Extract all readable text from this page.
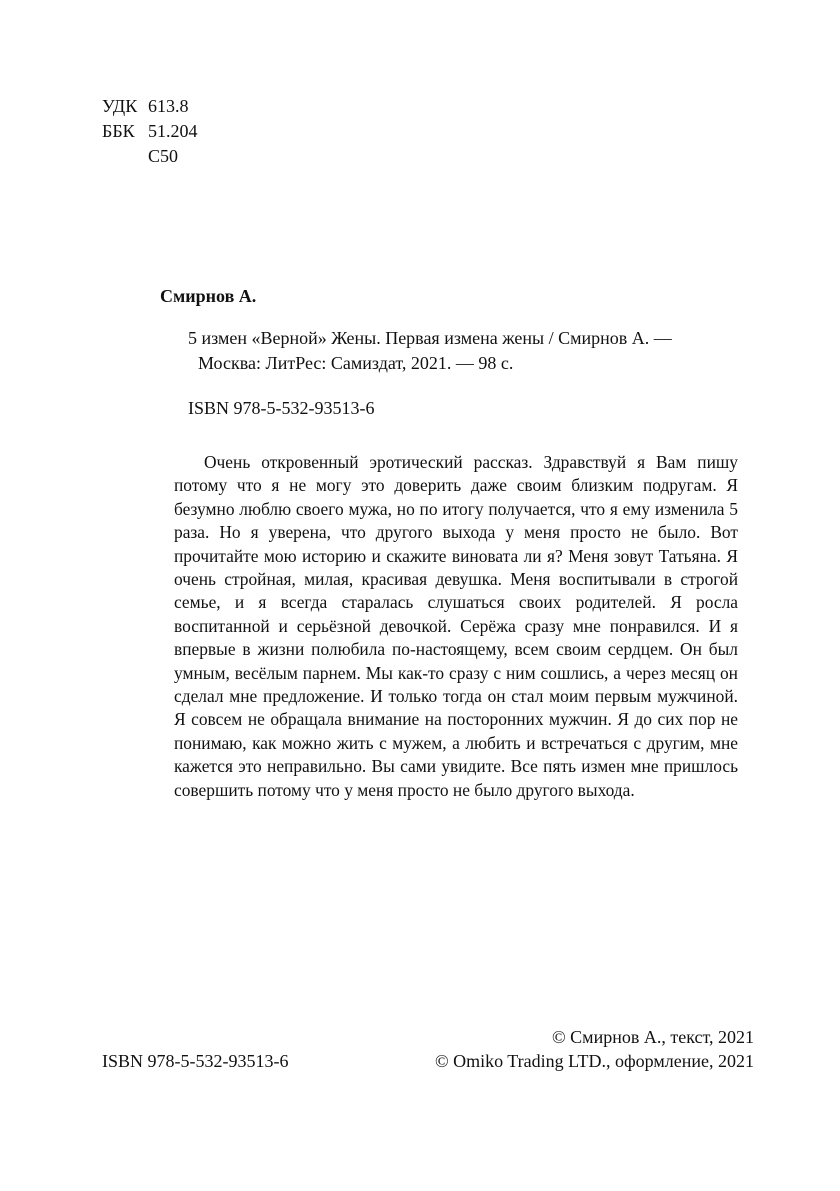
УДК 613.8
ББК 51.204
С50
Смирнов А.
5 измен «Верной» Жены. Первая измена жены / Смирнов А. —
Москва: ЛитРес: Самиздат, 2021. — 98 с.
ISBN 978-5-532-93513-6

Очень откровенный эротический рассказ. Здравствуй я Вам пишу потому что я не могу это доверить даже своим близким подругам. Я безумно люблю своего мужа, но по итогу получается, что я ему изменила 5 раза. Но я уверена, что другого выхода у меня просто не было. Вот прочитайте мою историю и скажите виновата ли я? Меня зовут Татьяна. Я очень стройная, милая, красивая девушка. Меня воспитывали в строгой семье, и я всегда старалась слушаться своих родителей. Я росла воспитанной и серьёзной девочкой. Серёжа сразу мне понравился. И я впервые в жизни полюбила по-настоящему, всем своим сердцем. Он был умным, весёлым парнем. Мы как-то сразу с ним сошлись, а через месяц он сделал мне предложение. И только тогда он стал моим первым мужчиной. Я совсем не обращала внимание на посторонних мужчин. Я до сих пор не понимаю, как можно жить с мужем, а любить и встречаться с другим, мне кажется это неправильно. Вы сами увидите. Все пять измен мне пришлось совершить потому что у меня просто не было другого выхода.

© Смирнов А., текст, 2021
© Omiko Trading LTD., оформление, 2021
ISBN 978-5-532-93513-6
